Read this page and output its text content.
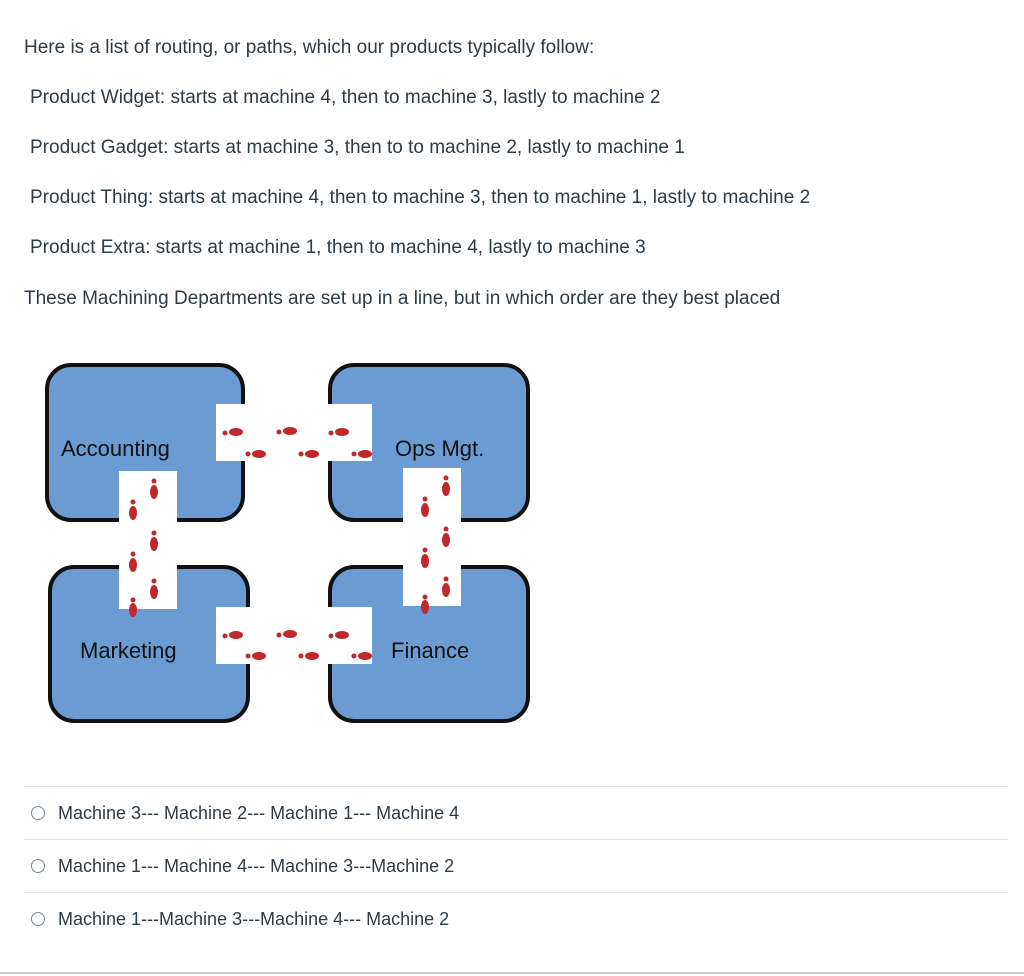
Here is a list of routing, or paths, which our products typically follow:
Product Widget: starts at machine 4, then to machine 3, lastly to machine 2
Product Gadget: starts at machine 3, then to to machine 2, lastly to machine 1
Product Thing: starts at machine 4, then to machine 3, then to machine 1, lastly to machine 2
Product Extra: starts at machine 1, then to machine 4, lastly to machine 3
These Machining Departments are set up in a line, but in which order are they best placed
Accounting	Ops Mgt.
Marketing	Finance
Machine 3--- Machine 2--- Machine 1--- Machine 4
Machine 1--- Machine 4--- Machine 3---Machine 2
Machine 1---Machine 3---Machine 4--- Machine 2
